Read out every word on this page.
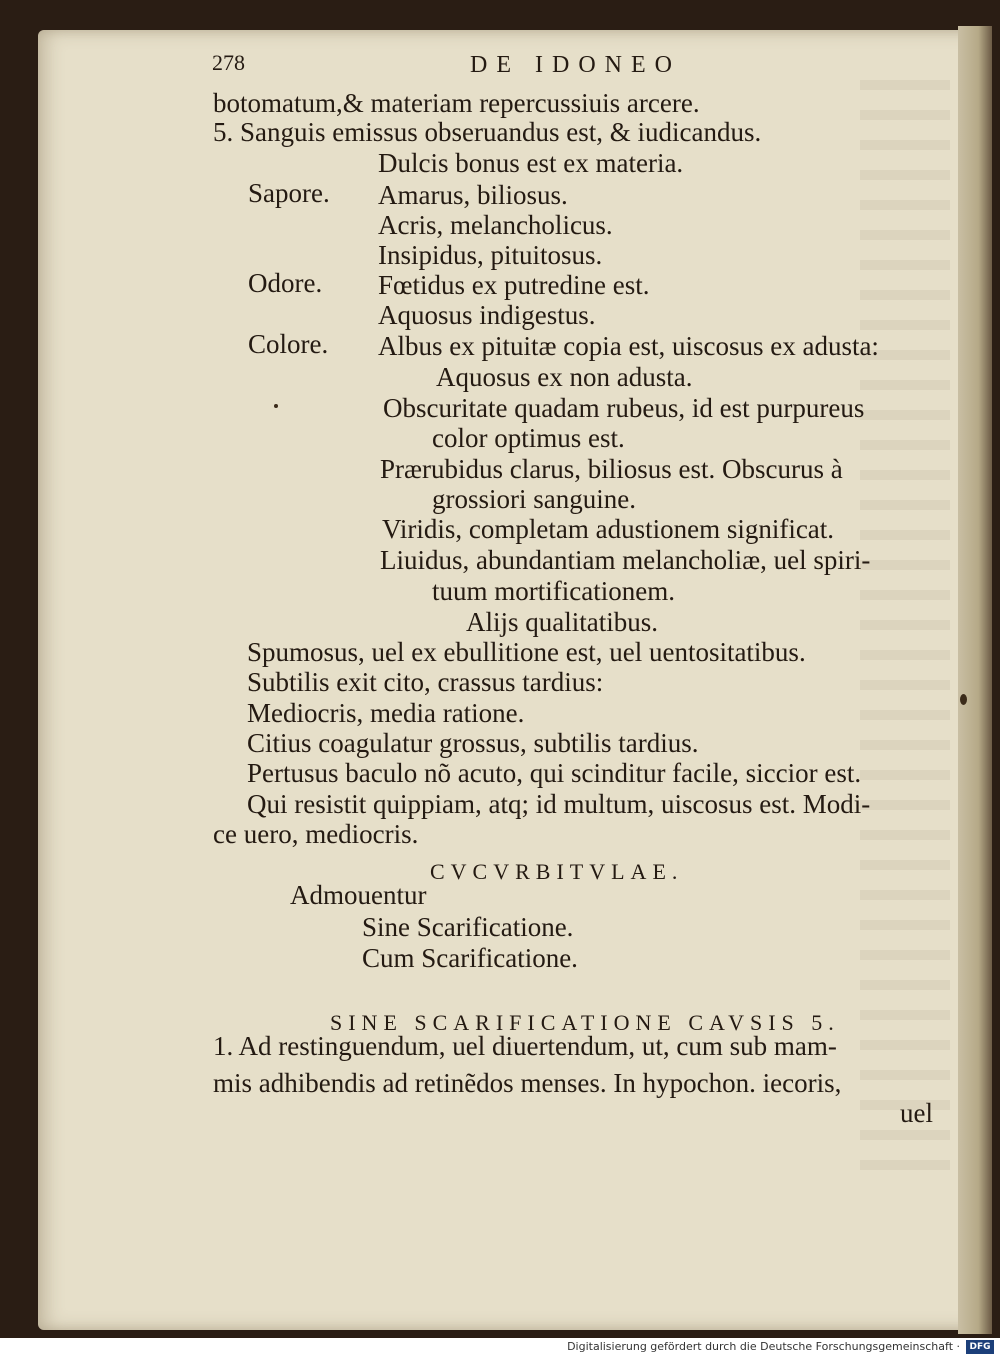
278	DE IDONEO
botomatum,& materiam repercussiuis arcere.
5. Sanguis emissus obseruandus est, & iudicandus.
Dulcis bonus est ex materia.
Sapore. Amarus, biliosus.
Acris, melancholicus.
Insipidus, pituitosus.
Odore. Fœtidus ex putredine est.
Aquosus indigestus.
Colore. Albus ex pituitæ copia est, uiscosus ex adusta:
Aquosus ex non adusta.
Obscuritate quadam rubeus, id est purpureus
color optimus est.
Prærubidus clarus, biliosus est. Obscurus à
grossiori sanguine.
Viridis, completam adustionem significat.
Liuidus, abundantiam melancholiæ, uel spiri-
tuum mortificationem.
Alijs qualitatibus.
Spumosus, uel ex ebullitione est, uel uentositatibus.
Subtilis exit cito, crassus tardius:
Mediocris, media ratione.
Citius coagulatur grossus, subtilis tardius.
Pertusus baculo nõ acuto, qui scinditur facile, siccior est.
Qui resistit quippiam, atq; id multum, uiscosus est. Modi-
ce uero, mediocris.
CVCVRBITVLAE.
Admouentur
Sine Scarificatione.
Cum Scarificatione.
SINE SCARIFICATIONE CAVSIS 5.
1. Ad restinguendum, uel diuertendum, ut, cum sub mam-
mis adhibendis ad retinẽdos menses. In hypochon. iecoris,
uel
Digitalisierung gefördert durch die Deutsche Forschungsgemeinschaft ·	DFG
